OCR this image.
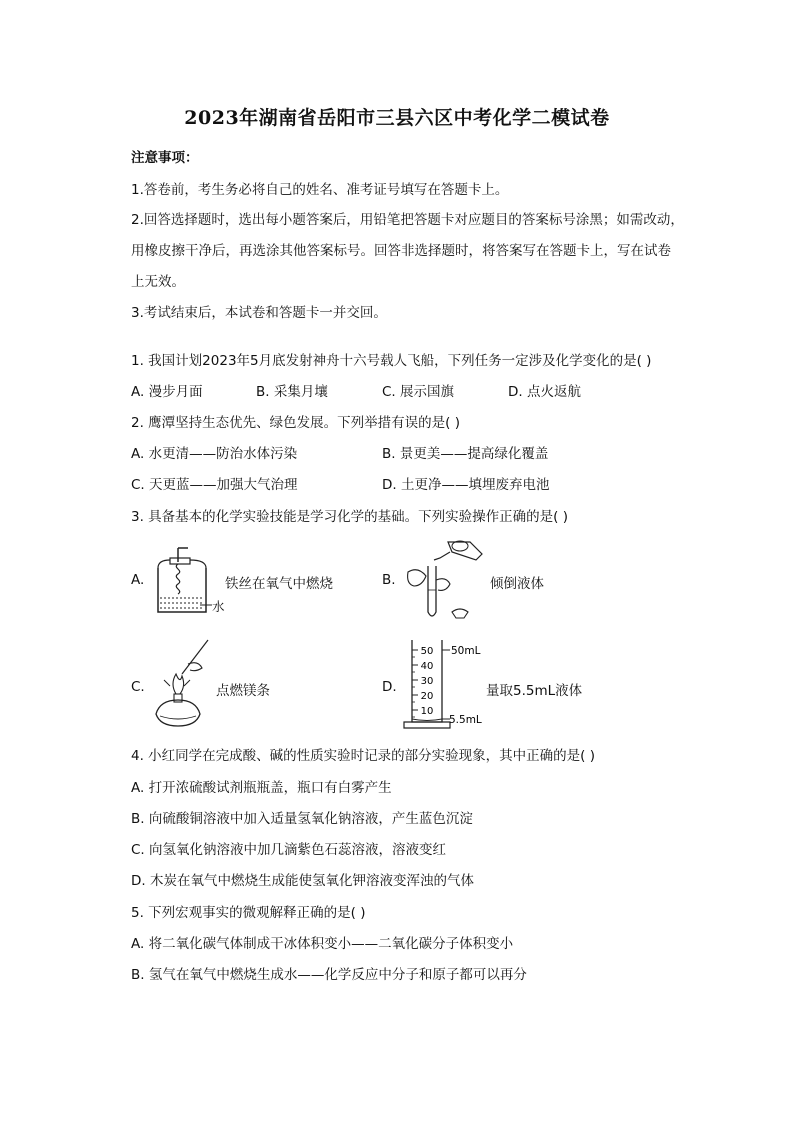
2023年湖南省岳阳市三县六区中考化学二模试卷
注意事项：
1.答卷前，考生务必将自己的姓名、准考证号填写在答题卡上。
2.回答选择题时，选出每小题答案后，用铅笔把答题卡对应题目的答案标号涂黑；如需改动，
用橡皮擦干净后，再选涂其他答案标号。回答非选择题时，将答案写在答题卡上，写在试卷
上无效。
3.考试结束后，本试卷和答题卡一并交回。
1. 我国计划2023年5月底发射神舟十六号载人飞船，下列任务一定涉及化学变化的是( )
A. 漫步月面	B. 采集月壤	C. 展示国旗	D. 点火返航
2. 鹰潭坚持生态优先、绿色发展。下列举措有误的是( )
A. 水更清——防治水体污染	B. 景更美——提高绿化覆盖
C. 天更蓝——加强大气治理	D. 土更净——填埋废弃电池
3. 具备基本的化学实验技能是学习化学的基础。下列实验操作正确的是( )
A.
水
铁丝在氧气中燃烧	B.	倾倒液体
C.	点燃镁条	D.
50
40
30
20
10
50mL
5.5mL
量取5.5mL液体
4. 小红同学在完成酸、碱的性质实验时记录的部分实验现象，其中正确的是( )
A. 打开浓硫酸试剂瓶瓶盖，瓶口有白雾产生
B. 向硫酸铜溶液中加入适量氢氧化钠溶液，产生蓝色沉淀
C. 向氢氧化钠溶液中加几滴紫色石蕊溶液，溶液变红
D. 木炭在氧气中燃烧生成能使氢氧化钾溶液变浑浊的气体
5. 下列宏观事实的微观解释正确的是( )
A. 将二氧化碳气体制成干冰体积变小——二氧化碳分子体积变小
B. 氢气在氧气中燃烧生成水——化学反应中分子和原子都可以再分
